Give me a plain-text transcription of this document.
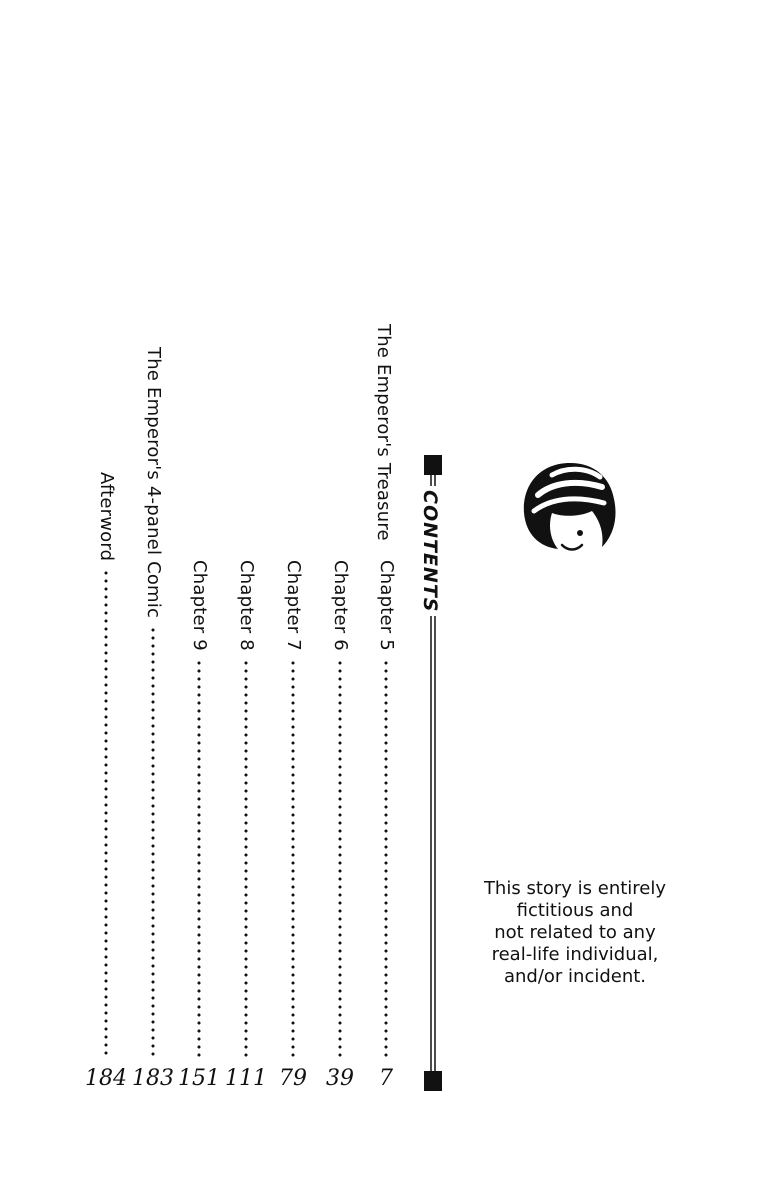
CONTENTS
The Emperor's Treasure
Chapter 5
7
Chapter 6
39
Chapter 7
79
Chapter 8
111
Chapter 9
151
The Emperor's 4-panel Comic
183
Afterword
184
This story is entirely
fictitious and
not related to any
real-life individual,
and/or incident.
